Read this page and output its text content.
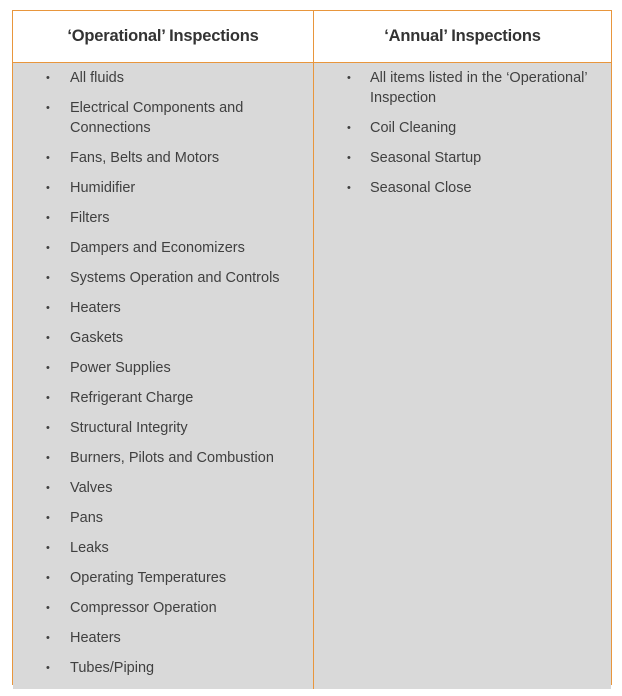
‘Operational’ Inspections	‘Annual’ Inspections
• All fluids
• Electrical Components and Connections
• Fans, Belts and Motors
• Humidifier
• Filters
• Dampers and Economizers
• Systems Operation and Controls
• Heaters
• Gaskets
• Power Supplies
• Refrigerant Charge
• Structural Integrity
• Burners, Pilots and Combustion
• Valves
• Pans
• Leaks
• Operating Temperatures
• Compressor Operation
• Heaters
• Tubes/Piping
• All items listed in the ‘Operational’ Inspection
• Coil Cleaning
• Seasonal Startup
• Seasonal Close
